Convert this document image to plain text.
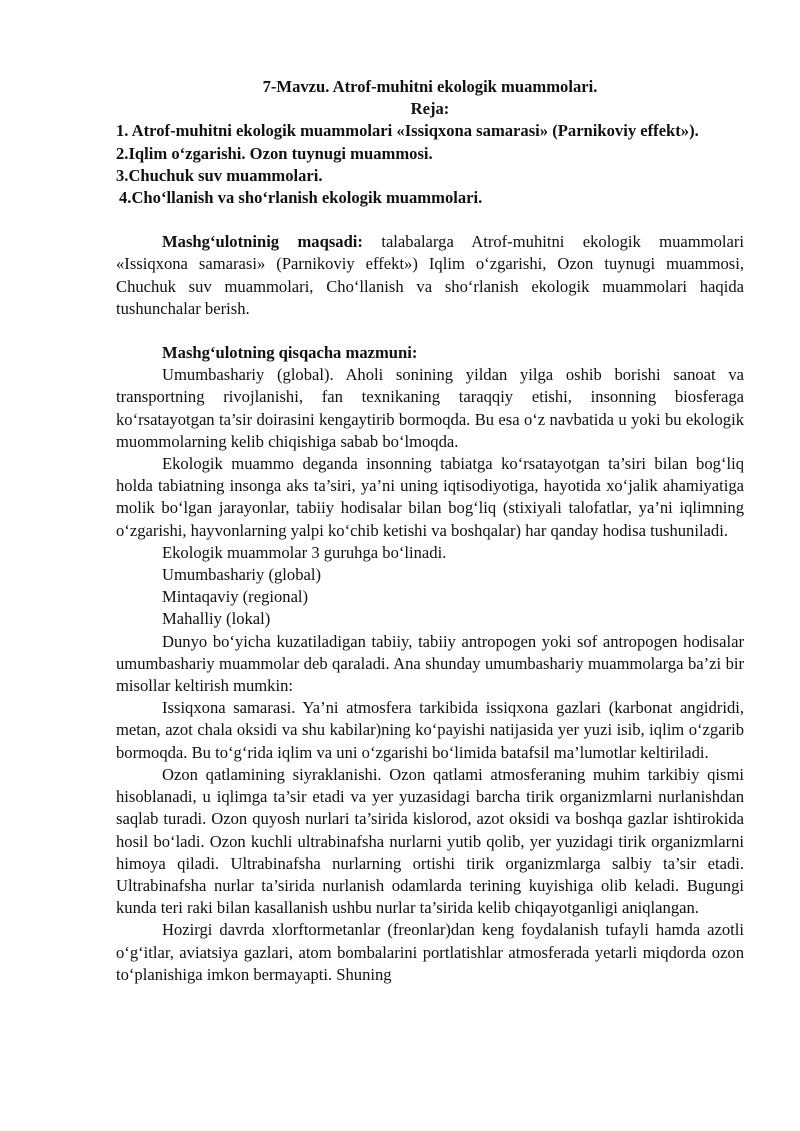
7-Mavzu. Atrof-muhitni ekologik muammolari.
Reja:
1. Atrof-muhitni ekologik muammolari «Issiqxona samarasi» (Parnikoviy effekt»).
2.Iqlim o‘zgarishi. Ozon tuynugi muammosi.
3.Chuchuk suv muammolari.
4.Cho‘llanish va sho‘rlanish ekologik muammolari.

Mashg‘ulotninig maqsadi: talabalarga Atrof-muhitni ekologik muammolari «Issiqxona samarasi» (Parnikoviy effekt») Iqlim o‘zgarishi, Ozon tuynugi muammosi, Chuchuk suv muammolari, Cho‘llanish va sho‘rlanish ekologik muammolari haqida tushunchalar berish.

Mashg‘ulotning qisqacha mazmuni:

Umumbashariy (global). Aholi sonining yildan yilga oshib borishi sanoat va transportning rivojlanishi, fan texnikaning taraqqiy etishi, insonning biosferaga ko‘rsatayotgan ta’sir doirasini kengaytirib bormoqda. Bu esa o‘z navbatida u yoki bu ekologik muommolarning kelib chiqishiga sabab bo‘lmoqda.

Ekologik muammo deganda insonning tabiatga ko‘rsatayotgan ta’siri bilan bog‘liq holda tabiatning insonga aks ta’siri, ya’ni uning iqtisodiyotiga, hayotida xo‘jalik ahamiyatiga molik bo‘lgan jarayonlar, tabiiy hodisalar bilan bog‘liq (stixiyali talofatlar, ya’ni iqlimning o‘zgarishi, hayvonlarning yalpi ko‘chib ketishi va boshqalar) har qanday hodisa tushuniladi.

Ekologik muammolar 3 guruhga bo‘linadi.

Umumbashariy (global)
Mintaqaviy (regional)
Mahalliy (lokal)

Dunyo bo‘yicha kuzatiladigan tabiiy, tabiiy antropogen yoki sof antropogen hodisalar umumbashariy muammolar deb qaraladi. Ana shunday umumbashariy muammolarga ba’zi bir misollar keltirish mumkin:

Issiqxona samarasi. Ya’ni atmosfera tarkibida issiqxona gazlari (karbonat angidridi, metan, azot chala oksidi va shu kabilar)ning ko‘payishi natijasida yer yuzi isib, iqlim o‘zgarib bormoqda. Bu to‘g‘rida iqlim va uni o‘zgarishi bo‘limida batafsil ma’lumotlar keltiriladi.

Ozon qatlamining siyraklanishi. Ozon qatlami atmosferaning muhim tarkibiy qismi hisoblanadi, u iqlimga ta’sir etadi va yer yuzasidagi barcha tirik organizmlarni nurlanishdan saqlab turadi. Ozon quyosh nurlari ta’sirida kislorod, azot oksidi va boshqa gazlar ishtirokida hosil bo‘ladi. Ozon kuchli ultrabinafsha nurlarni yutib qolib, yer yuzidagi tirik organizmlarni himoya qiladi. Ultrabinafsha nurlarning ortishi tirik organizmlarga salbiy ta’sir etadi. Ultrabinafsha nurlar ta’sirida nurlanish odamlarda terining kuyishiga olib keladi. Bugungi kunda teri raki bilan kasallanish ushbu nurlar ta’sirida kelib chiqayotganligi aniqlangan.

Hozirgi davrda xlorftormetanlar (freonlar)dan keng foydalanish tufayli hamda azotli o‘g‘itlar, aviatsiya gazlari, atom bombalarini portlatishlar atmosferada yetarli miqdorda ozon to‘planishiga imkon bermayapti. Shuning
